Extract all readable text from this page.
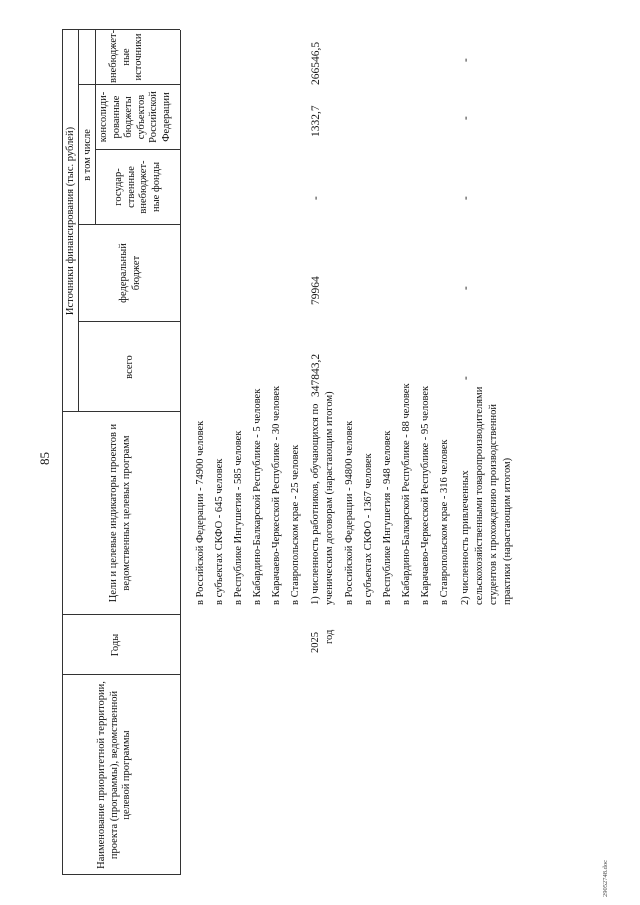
85
Наименование приоритетной территории, проекта (программы), ведомственной целевой программы
Годы
Цели и целевые индикаторы проектов и ведомственных целевых программ
Источники финансирования (тыс. рублей)
всего
в том числе
федеральный бюджет
государ-ственные внебюджет-ные фонды
консолиди-рованные бюджеты субъектов Российской Федерации
внебюджет-ные источники
в Российской Федерации - 74900 человек в субъектах СКФО - 645 человек в Республике Ингушетия - 585 человек в Кабардино-Балкарской Республике - 5 человек в Карачаево-Черкесской Республике - 30 человек в Ставропольском крае - 25 человек
2025 год
1) численность работников, обучающихся по ученическим договорам (нарастающим итогом) в Российской Федерации - 94800 человек в субъектах СКФО - 1367 человек в Республике Ингушетия - 948 человек в Кабардино-Балкарской Республике - 88 человек в Карачаево-Черкесской Республике - 95 человек в Ставропольском крае - 316 человек 2) численность привлеченных сельскохозяйственными товаропроизводителями студентов к прохождению производственной практики (нарастающим итогом)
347843,2
79964
-
1332,7
266546,5
-
-
-
-
-
29052748.doc
